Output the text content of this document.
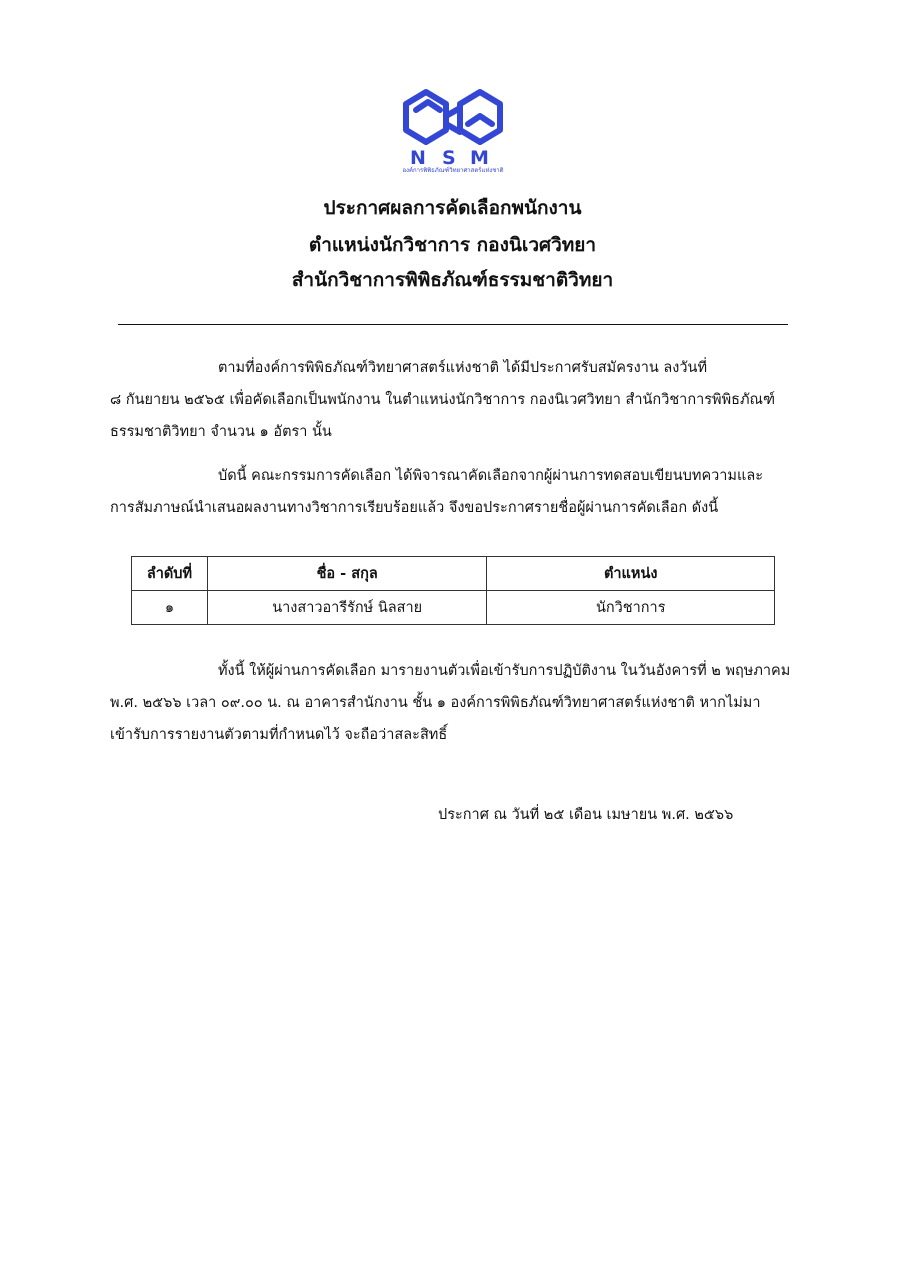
N S M
องค์การพิพิธภัณฑ์วิทยาศาสตร์แห่งชาติ
ประกาศผลการคัดเลือกพนักงาน
ตำแหน่งนักวิชาการ กองนิเวศวิทยา
สำนักวิชาการพิพิธภัณฑ์ธรรมชาติวิทยา
ตามที่องค์การพิพิธภัณฑ์วิทยาศาสตร์แห่งชาติ ได้มีประกาศรับสมัครงาน ลงวันที่
๘ กันยายน ๒๕๖๕ เพื่อคัดเลือกเป็นพนักงาน ในตำแหน่งนักวิชาการ กองนิเวศวิทยา สำนักวิชาการพิพิธภัณฑ์
ธรรมชาติวิทยา จำนวน ๑ อัตรา นั้น
บัดนี้ คณะกรรมการคัดเลือก ได้พิจารณาคัดเลือกจากผู้ผ่านการทดสอบเขียนบทความและ
การสัมภาษณ์นำเสนอผลงานทางวิชาการเรียบร้อยแล้ว จึงขอประกาศรายชื่อผู้ผ่านการคัดเลือก ดังนี้
ลำดับที่	ชื่อ - สกุล	ตำแหน่ง
๑	นางสาวอารีรักษ์ นิลสาย	นักวิชาการ
ทั้งนี้ ให้ผู้ผ่านการคัดเลือก มารายงานตัวเพื่อเข้ารับการปฏิบัติงาน ในวันอังคารที่ ๒ พฤษภาคม
พ.ศ. ๒๕๖๖ เวลา ๐๙.๐๐ น. ณ อาคารสำนักงาน ชั้น ๑ องค์การพิพิธภัณฑ์วิทยาศาสตร์แห่งชาติ หากไม่มา
เข้ารับการรายงานตัวตามที่กำหนดไว้ จะถือว่าสละสิทธิ์
ประกาศ ณ วันที่ ๒๕ เดือน เมษายน พ.ศ. ๒๕๖๖
